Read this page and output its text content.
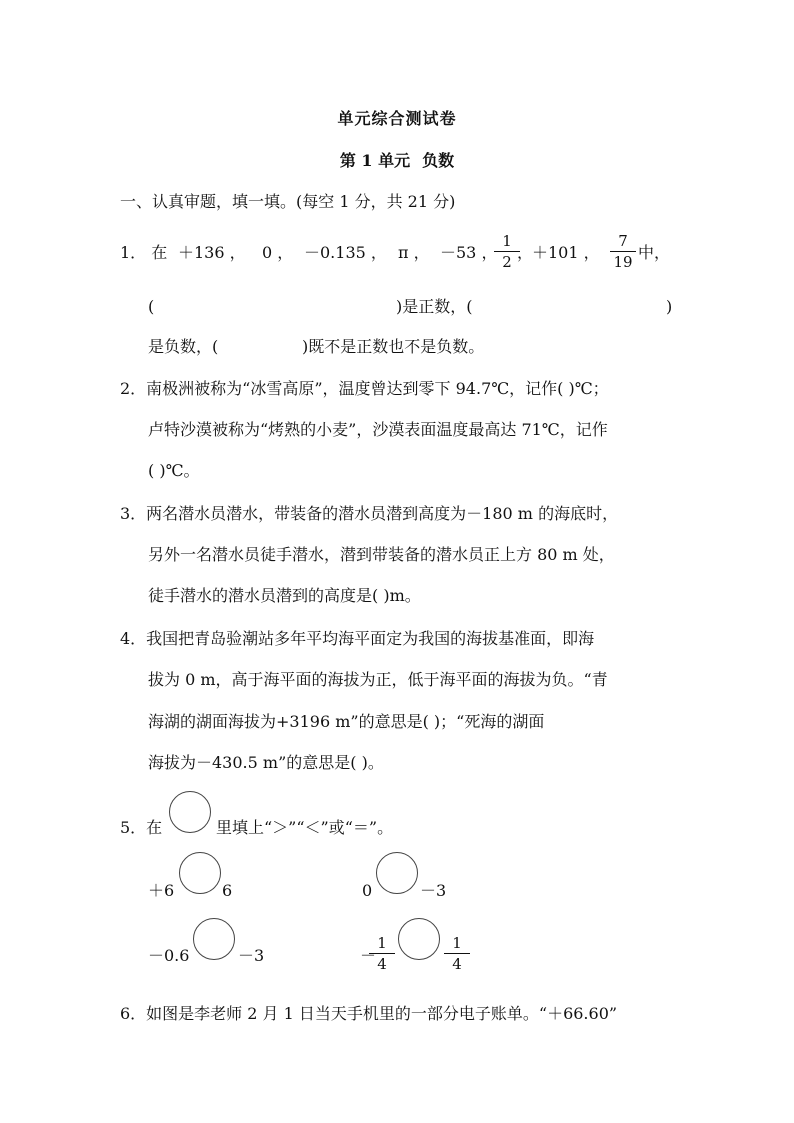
单元综合测试卷
第 1 单元 负数
一、认真审题，填一填。(每空 1 分，共 21 分)
1． 在 ＋136 ， 0 ， －0.135 ， π ， －53 ，
1
2 ，
＋101 ，
7
19 中，
(	)是正数，(	)
是负数，(	)既不是正数也不是负数。
2．南极洲被称为“冰雪高原”，温度曾达到零下 94.7℃，记作( )℃；
卢特沙漠被称为“烤熟的小麦”，沙漠表面温度最高达 71℃，记作
( )℃。
3．两名潜水员潜水，带装备的潜水员潜到高度为－180 m 的海底时，
另外一名潜水员徒手潜水，潜到带装备的潜水员正上方 80 m 处，
徒手潜水的潜水员潜到的高度是( )m。
4．我国把青岛验潮站多年平均海平面定为我国的海拔基准面，即海
拔为 0 m，高于海平面的海拔为正，低于海平面的海拔为负。“青
海湖的湖面海拔为+3196 m”的意思是( )；“死海的湖面
海拔为－430.5 m”的意思是( )。
5．在	里填上“＞”“＜”或“＝”。
＋6	6	0	－3
－0.6	－3	－
1
4
1
4
6．如图是李老师 2 月 1 日当天手机里的一部分电子账单。“＋66.60”
